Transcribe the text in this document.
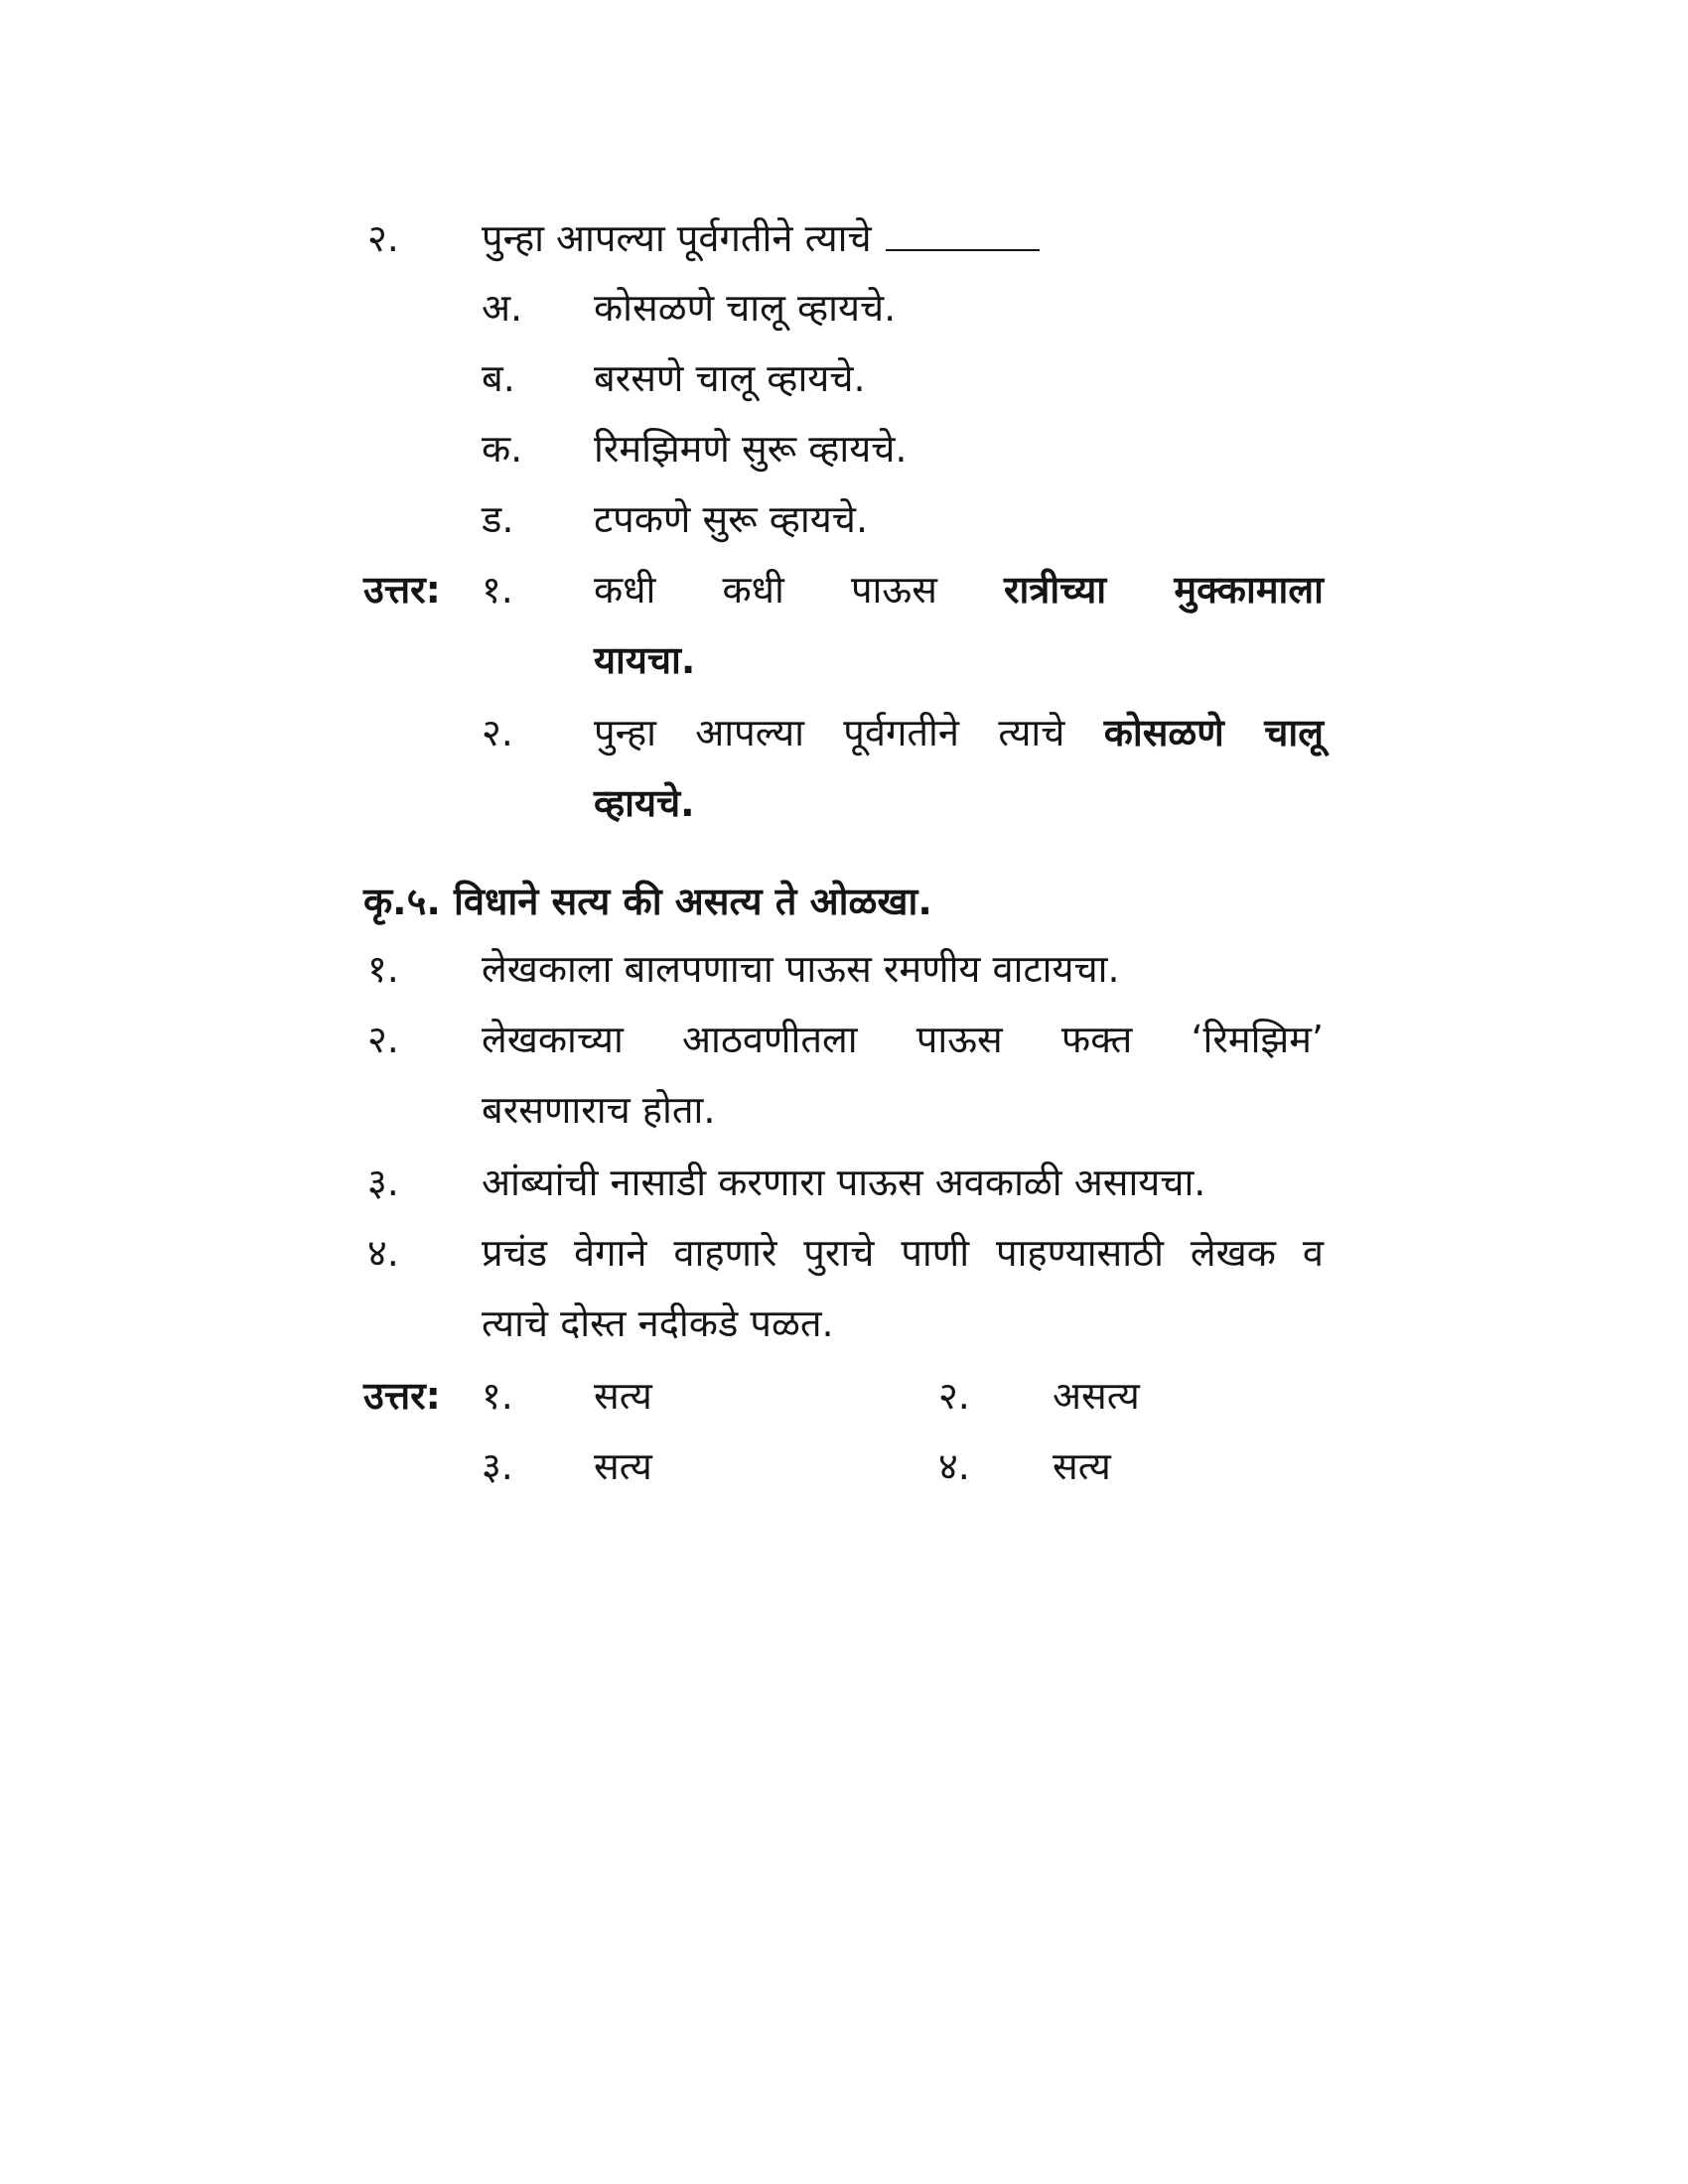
२. पुन्हा आपल्या पूर्वगतीने त्याचे
अ. कोसळणे चालू व्हायचे.
ब. बरसणे चालू व्हायचे.
क. रिमझिमणे सुरू व्हायचे.
ड. टपकणे सुरू व्हायचे.
उत्तर: १. कधी कधी पाऊस रात्रीच्या मुक्कामाला
यायचा.
२. पुन्हा आपल्या पूर्वगतीने त्याचे कोसळणे चालू
व्हायचे.
कृ.५. विधाने सत्य की असत्य ते ओळखा.
१. लेखकाला बालपणाचा पाऊस रमणीय वाटायचा.
२. लेखकाच्या आठवणीतला पाऊस फक्त ‘रिमझिम’
बरसणाराच होता.
३. आंब्यांची नासाडी करणारा पाऊस अवकाळी असायचा.
४. प्रचंड वेगाने वाहणारे पुराचे पाणी पाहण्यासाठी लेखक व
त्याचे दोस्त नदीकडे पळत.
उत्तर: १. सत्य	२. असत्य
३. सत्य	४. सत्य
